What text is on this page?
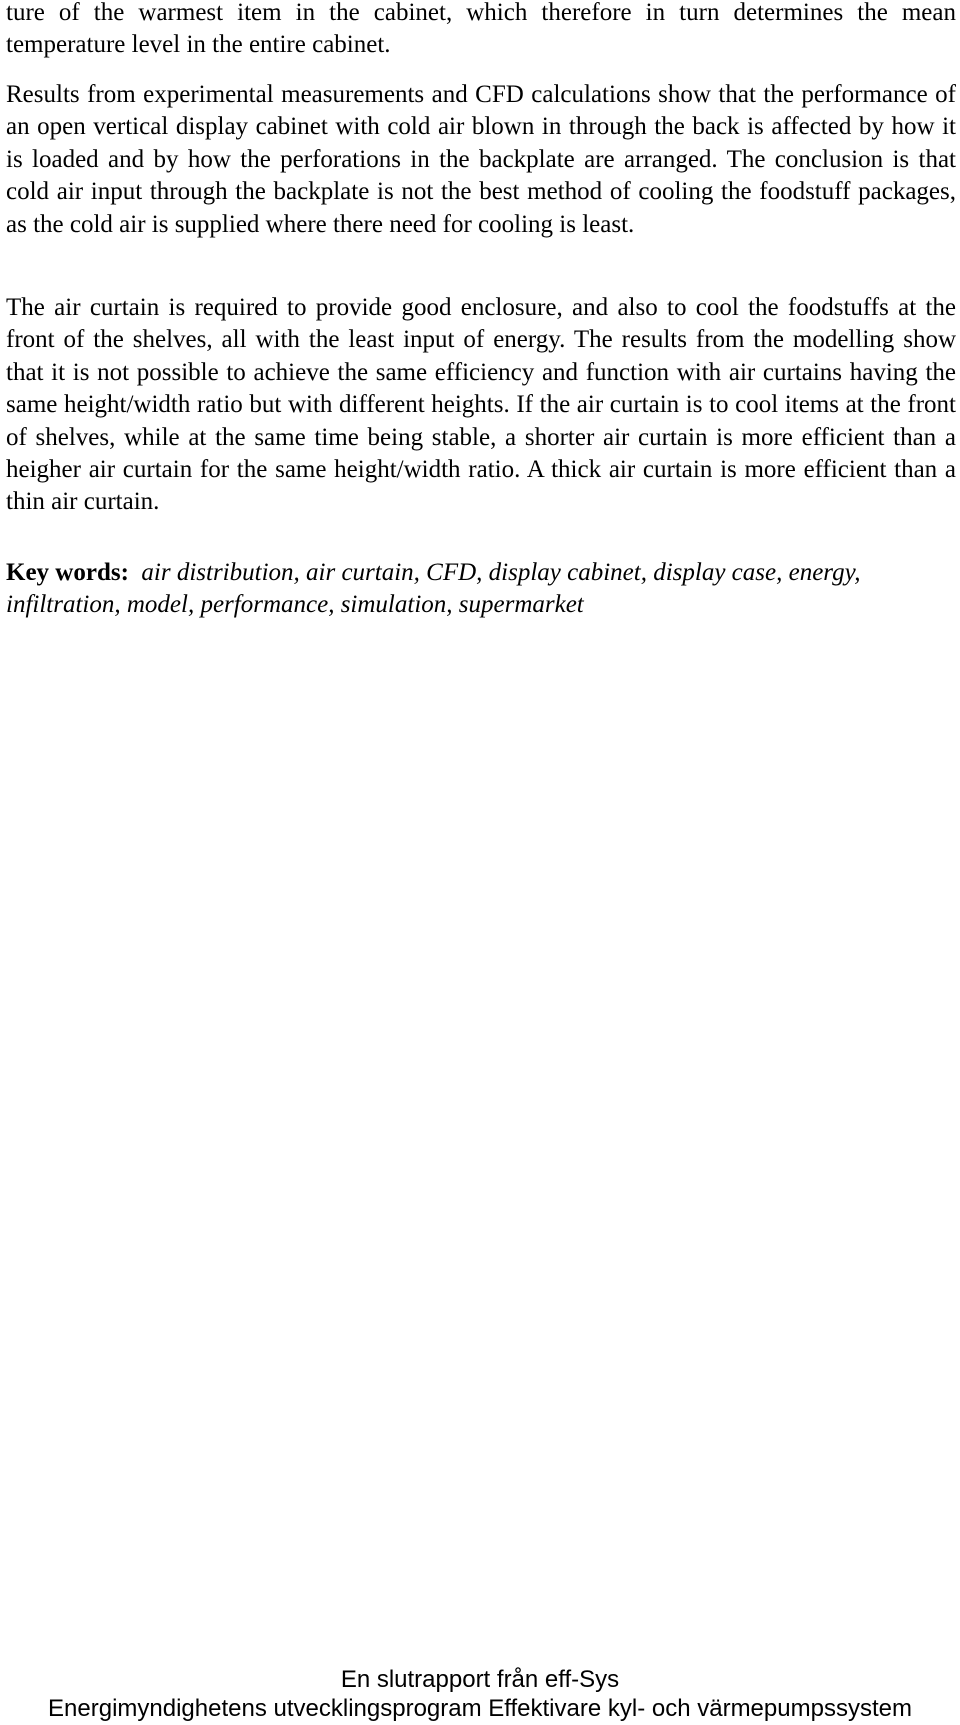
ture of the warmest item in the cabinet, which therefore in turn determines the mean temperature level in the entire cabinet.

Results from experimental measurements and CFD calculations show that the performance of an open vertical display cabinet with cold air blown in through the back is affected by how it is loaded and by how the perforations in the backplate are arranged. The conclusion is that cold air input through the backplate is not the best method of cooling the foodstuff packages, as the cold air is supplied where there need for cooling is least.

The air curtain is required to provide good enclosure, and also to cool the foodstuffs at the front of the shelves, all with the least input of energy. The results from the modelling show that it is not possible to achieve the same efficiency and function with air curtains having the same height/width ratio but with different heights. If the air curtain is to cool items at the front of shelves, while at the same time being stable, a shorter air curtain is more efficient than a heigher air curtain for the same height/width ratio. A thick air curtain is more efficient than a thin air curtain.

Key words: air distribution, air curtain, CFD, display cabinet, display case, energy, infiltration, model, performance, simulation, supermarket

En slutrapport från eff-Sys
Energimyndighetens utvecklingsprogram Effektivare kyl- och värmepumpssystem
